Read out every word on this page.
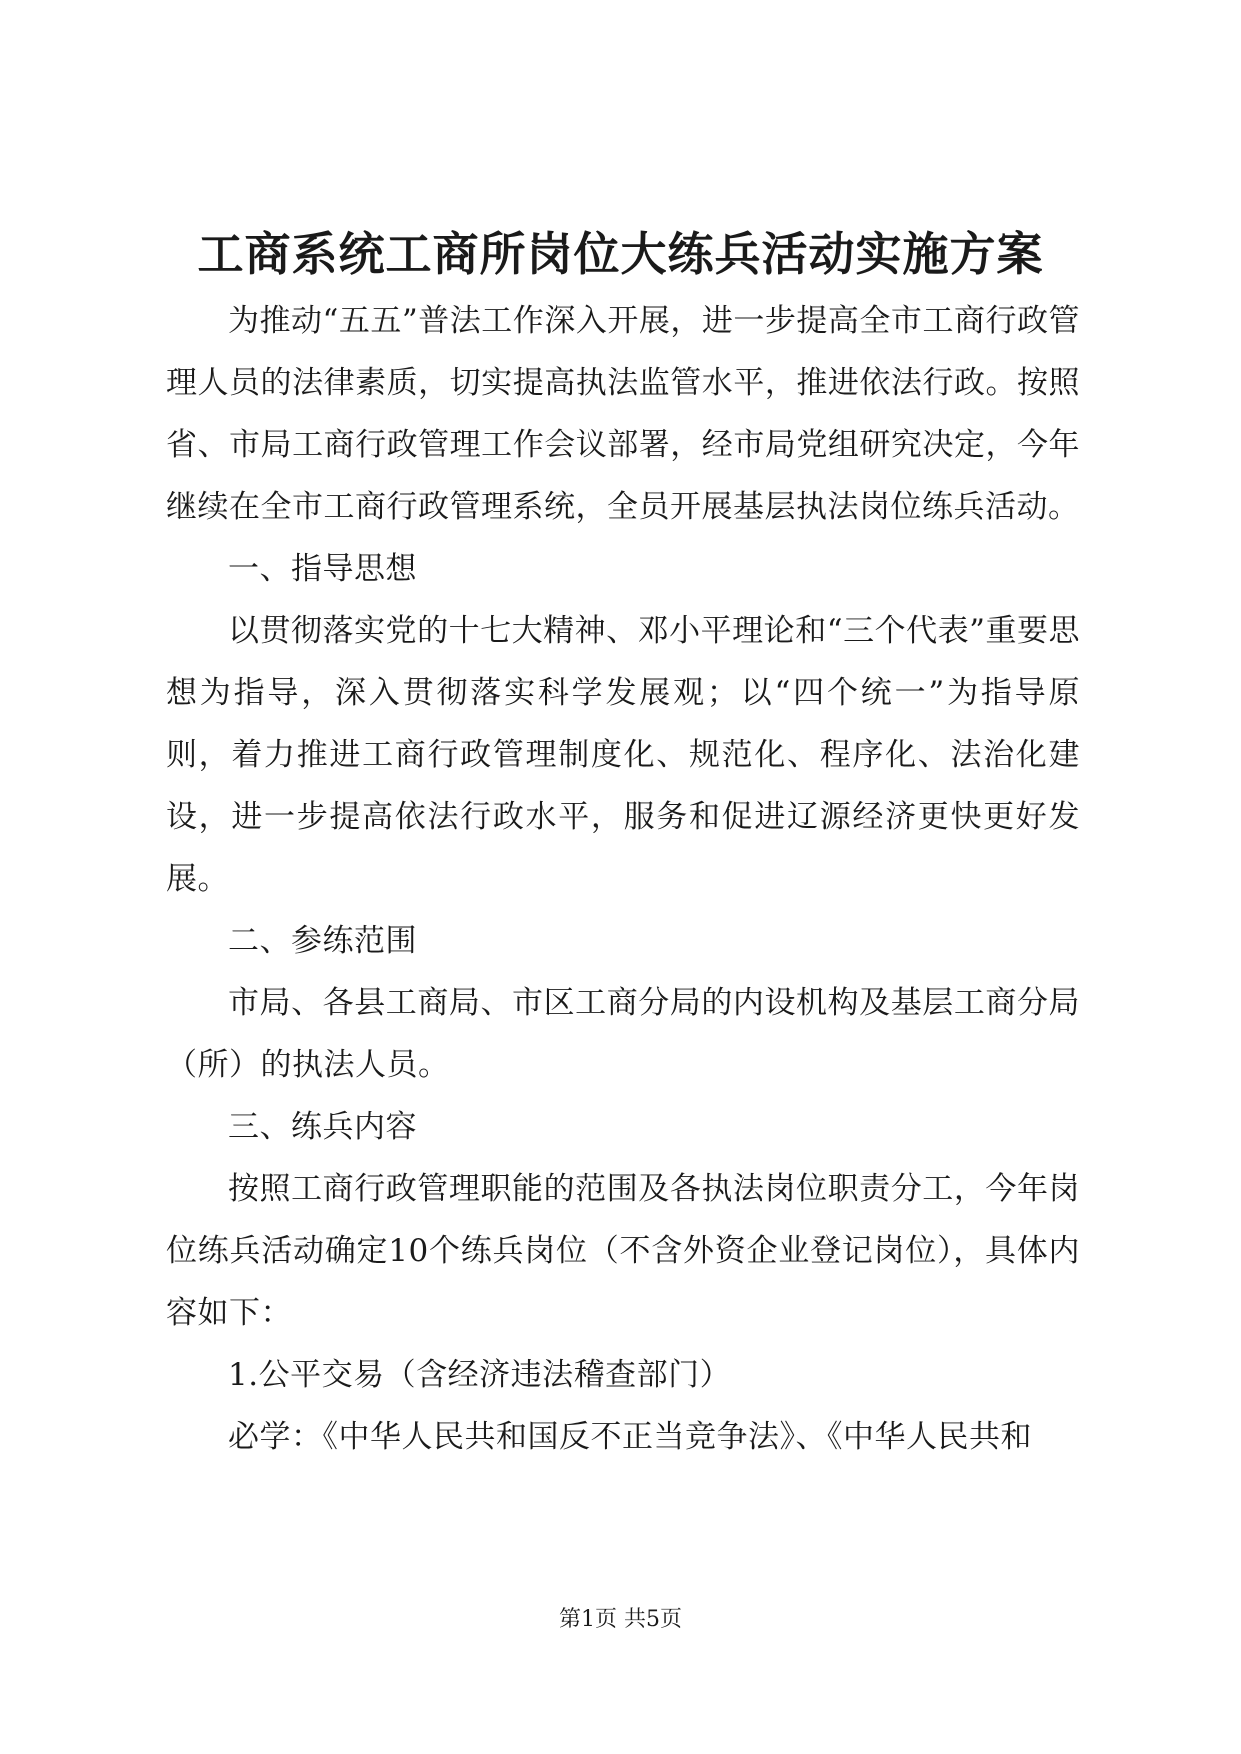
工商系统工商所岗位大练兵活动实施方案

为推动“五五”普法工作深入开展，进一步提高全市工商行政管理人员的法律素质，切实提高执法监管水平，推进依法行政。按照省、市局工商行政管理工作会议部署，经市局党组研究决定，今年继续在全市工商行政管理系统，全员开展基层执法岗位练兵活动。

一、指导思想

以贯彻落实党的十七大精神、邓小平理论和“三个代表”重要思想为指导，深入贯彻落实科学发展观；以“四个统一”为指导原则，着力推进工商行政管理制度化、规范化、程序化、法治化建设，进一步提高依法行政水平，服务和促进辽源经济更快更好发展。

二、参练范围

市局、各县工商局、市区工商分局的内设机构及基层工商分局（所）的执法人员。

三、练兵内容

按照工商行政管理职能的范围及各执法岗位职责分工，今年岗位练兵活动确定10个练兵岗位（不含外资企业登记岗位），具体内容如下：

1.公平交易（含经济违法稽查部门）

必学：《中华人民共和国反不正当竞争法》、《中华人民共和

第1页 共5页
